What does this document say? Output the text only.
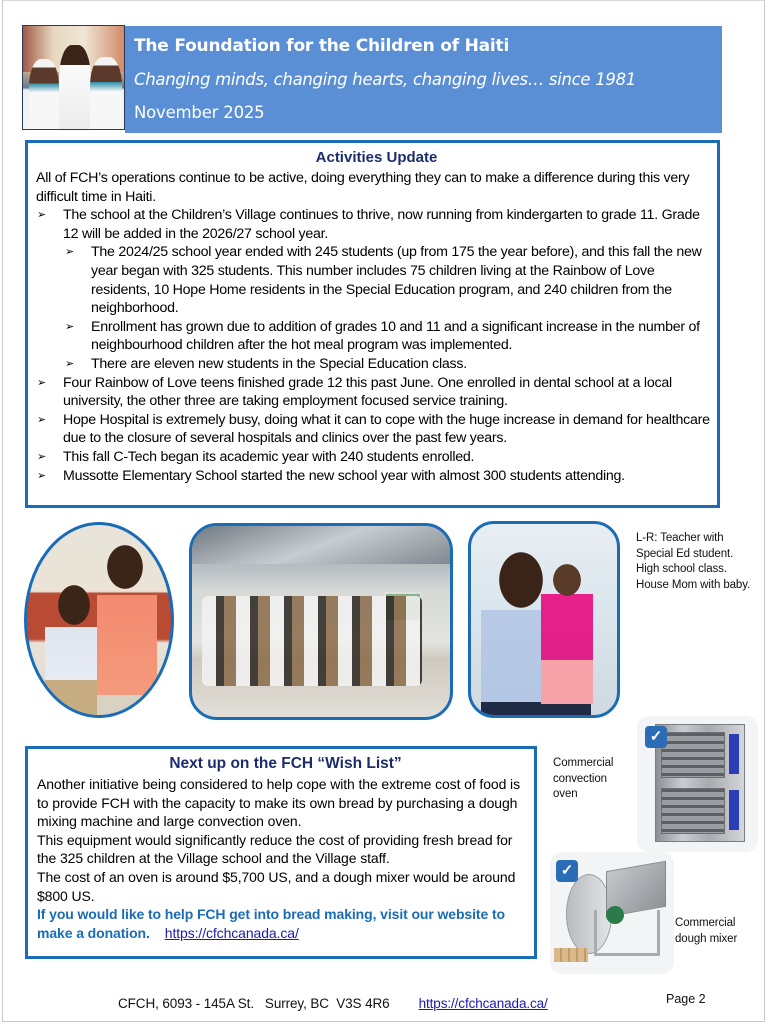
The Foundation for the Children of Haiti
Changing minds, changing hearts, changing lives… since 1981
November 2025
Activities Update
All of FCH’s operations continue to be active, doing everything they can to make a difference during this very difficult time in Haiti.
➢ The school at the Children’s Village continues to thrive, now running from kindergarten to grade 11. Grade 12 will be added in the 2026/27 school year.
➢ The 2024/25 school year ended with 245 students (up from 175 the year before), and this fall the new year began with 325 students. This number includes 75 children living at the Rainbow of Love residents, 10 Hope Home residents in the Special Education program, and 240 children from the neighborhood.
➢ Enrollment has grown due to addition of grades 10 and 11 and a significant increase in the number of neighbourhood children after the hot meal program was implemented.
➢ There are eleven new students in the Special Education class.
➢ Four Rainbow of Love teens finished grade 12 this past June. One enrolled in dental school at a local university, the other three are taking employment focused service training.
➢ Hope Hospital is extremely busy, doing what it can to cope with the huge increase in demand for healthcare due to the closure of several hospitals and clinics over the past few years.
➢ This fall C-Tech began its academic year with 240 students enrolled.
➢ Mussotte Elementary School started the new school year with almost 300 students attending.
L-R: Teacher with Special Ed student. High school class. House Mom with baby.
Next up on the FCH “Wish List”
Another initiative being considered to help cope with the extreme cost of food is to provide FCH with the capacity to make its own bread by purchasing a dough mixing machine and large convection oven.
This equipment would significantly reduce the cost of providing fresh bread for the 325 children at the Village school and the Village staff.
The cost of an oven is around $5,700 US, and a dough mixer would be around $800 US.
If you would like to help FCH get into bread making, visit our website to make a donation. https://cfchcanada.ca/
Commercial convection oven
✓
✓
Commercial dough mixer
CFCH, 6093 - 145A St.   Surrey, BC  V3S 4R6 https://cfchcanada.ca/	Page 2
